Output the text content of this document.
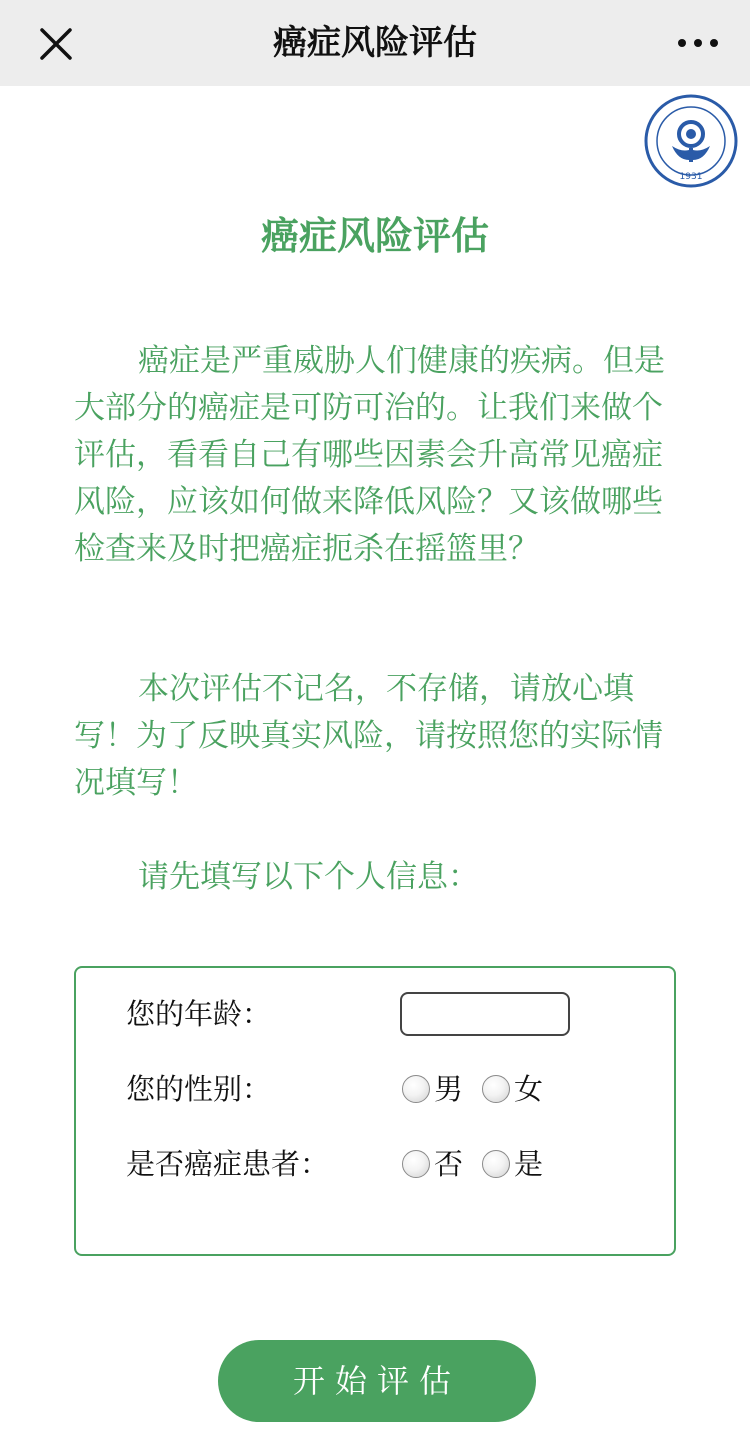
癌症风险评估
1931
癌症风险评估

癌症是严重威胁人们健康的疾病。但是大部分的癌症是可防可治的。让我们来做个评估，看看自己有哪些因素会升高常见癌症风险，应该如何做来降低风险？又该做哪些检查来及时把癌症扼杀在摇篮里？

本次评估不记名，不存储，请放心填写！为了反映真实风险，请按照您的实际情况填写！

请先填写以下个人信息：

您的年龄：
您的性别：	男 女
是否癌症患者：	否 是
开始评估
